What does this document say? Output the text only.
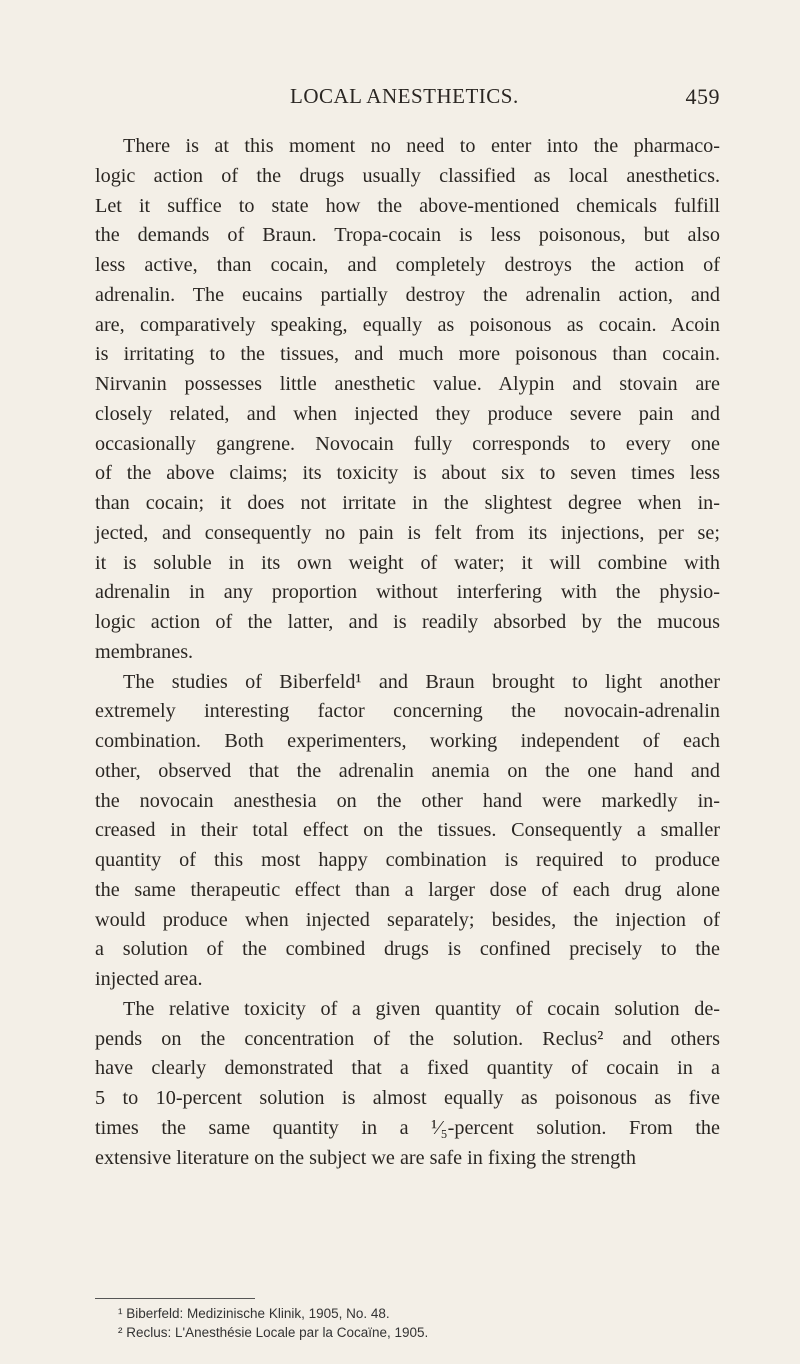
LOCAL ANESTHETICS.	459
There is at this moment no need to enter into the pharmaco-
logic action of the drugs usually classified as local anesthetics.
Let it suffice to state how the above-mentioned chemicals fulfill
the demands of Braun. Tropa-cocain is less poisonous, but also
less active, than cocain, and completely destroys the action of
adrenalin. The eucains partially destroy the adrenalin action, and
are, comparatively speaking, equally as poisonous as cocain. Acoin
is irritating to the tissues, and much more poisonous than cocain.
Nirvanin possesses little anesthetic value. Alypin and stovain are
closely related, and when injected they produce severe pain and
occasionally gangrene. Novocain fully corresponds to every one
of the above claims; its toxicity is about six to seven times less
than cocain; it does not irritate in the slightest degree when in-
jected, and consequently no pain is felt from its injections, per se;
it is soluble in its own weight of water; it will combine with
adrenalin in any proportion without interfering with the physio-
logic action of the latter, and is readily absorbed by the mucous
membranes.
The studies of Biberfeld¹ and Braun brought to light another
extremely interesting factor concerning the novocain-adrenalin
combination. Both experimenters, working independent of each
other, observed that the adrenalin anemia on the one hand and
the novocain anesthesia on the other hand were markedly in-
creased in their total effect on the tissues. Consequently a smaller
quantity of this most happy combination is required to produce
the same therapeutic effect than a larger dose of each drug alone
would produce when injected separately; besides, the injection of
a solution of the combined drugs is confined precisely to the
injected area.
The relative toxicity of a given quantity of cocain solution de-
pends on the concentration of the solution. Reclus² and others
have clearly demonstrated that a fixed quantity of cocain in a
5 to 10-percent solution is almost equally as poisonous as five
times the same quantity in a ¹⁄₅-percent solution. From the
extensive literature on the subject we are safe in fixing the strength
¹ Biberfeld: Medizinische Klinik, 1905, No. 48.
² Reclus: L'Anesthésie Locale par la Cocaïne, 1905.
